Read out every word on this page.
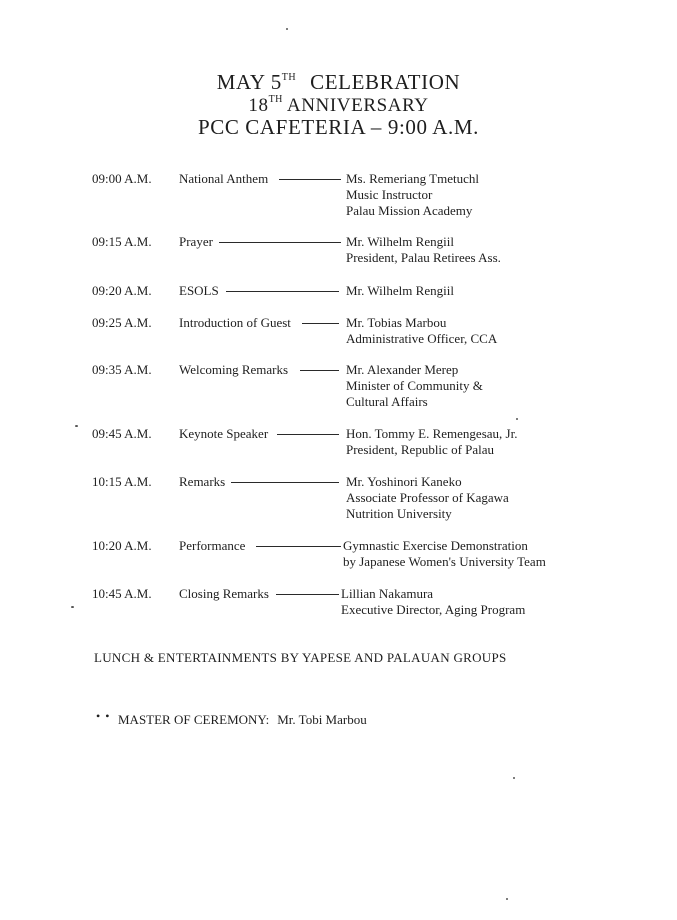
MAY 5TH CELEBRATION
18TH ANNIVERSARY
PCC CAFETERIA – 9:00 A.M.
09:00 A.M. National Anthem	Ms. Remeriang Tmetuchl
Music Instructor
Palau Mission Academy
09:15 A.M. Prayer	Mr. Wilhelm Rengiil
President, Palau Retirees Ass.
09:20 A.M. ESOLS	Mr. Wilhelm Rengiil
09:25 A.M. Introduction of Guest	Mr. Tobias Marbou
Administrative Officer, CCA
09:35 A.M. Welcoming Remarks	Mr. Alexander Merep
Minister of Community &
Cultural Affairs
09:45 A.M. Keynote Speaker	Hon. Tommy E. Remengesau, Jr.
President, Republic of Palau
10:15 A.M. Remarks	Mr. Yoshinori Kaneko
Associate Professor of Kagawa
Nutrition University
10:20 A.M. Performance	Gymnastic Exercise Demonstration
by Japanese Women's University Team
10:45 A.M. Closing Remarks	Lillian Nakamura
Executive Director, Aging Program
LUNCH & ENTERTAINMENTS BY YAPESE AND PALAUAN GROUPS
• • MASTER OF CEREMONY: Mr. Tobi Marbou
